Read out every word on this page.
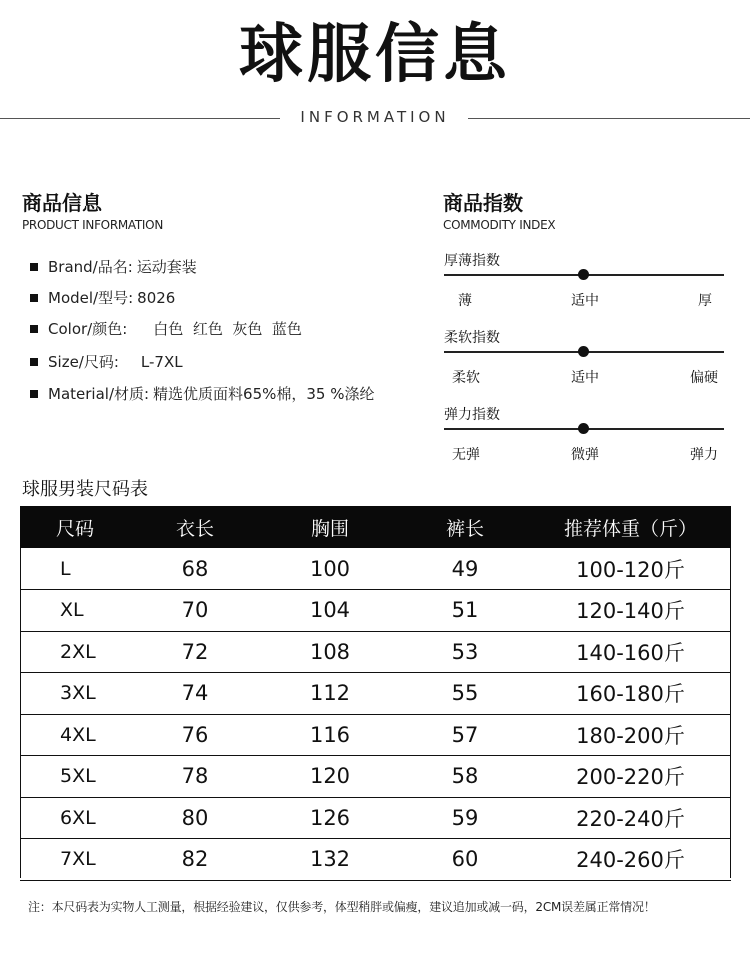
球服信息
INFORMATION
商品信息
PRODUCT INFORMATION
Brand/品名: 运动套装
Model/型号: 8026
Color/颜色: 白色  红色  灰色  蓝色
Size/尺码: L-7XL
Material/材质: 精选优质面料65%棉，35 %涤纶
商品指数
COMMODITY INDEX
厚薄指数
薄	适中	厚
柔软指数
柔软	适中	偏硬
弹力指数
无弹	微弹	弹力
球服男装尺码表
尺码	衣长	胸围	裤长	推荐体重（斤）
L	68	100	49	100-120斤
XL	70	104	51	120-140斤
2XL	72	108	53	140-160斤
3XL	74	112	55	160-180斤
4XL	76	116	57	180-200斤
5XL	78	120	58	200-220斤
6XL	80	126	59	220-240斤
7XL	82	132	60	240-260斤
注：本尺码表为实物人工测量，根据经验建议，仅供参考，体型稍胖或偏瘦，建议追加或减一码，2CM误差属正常情况！
